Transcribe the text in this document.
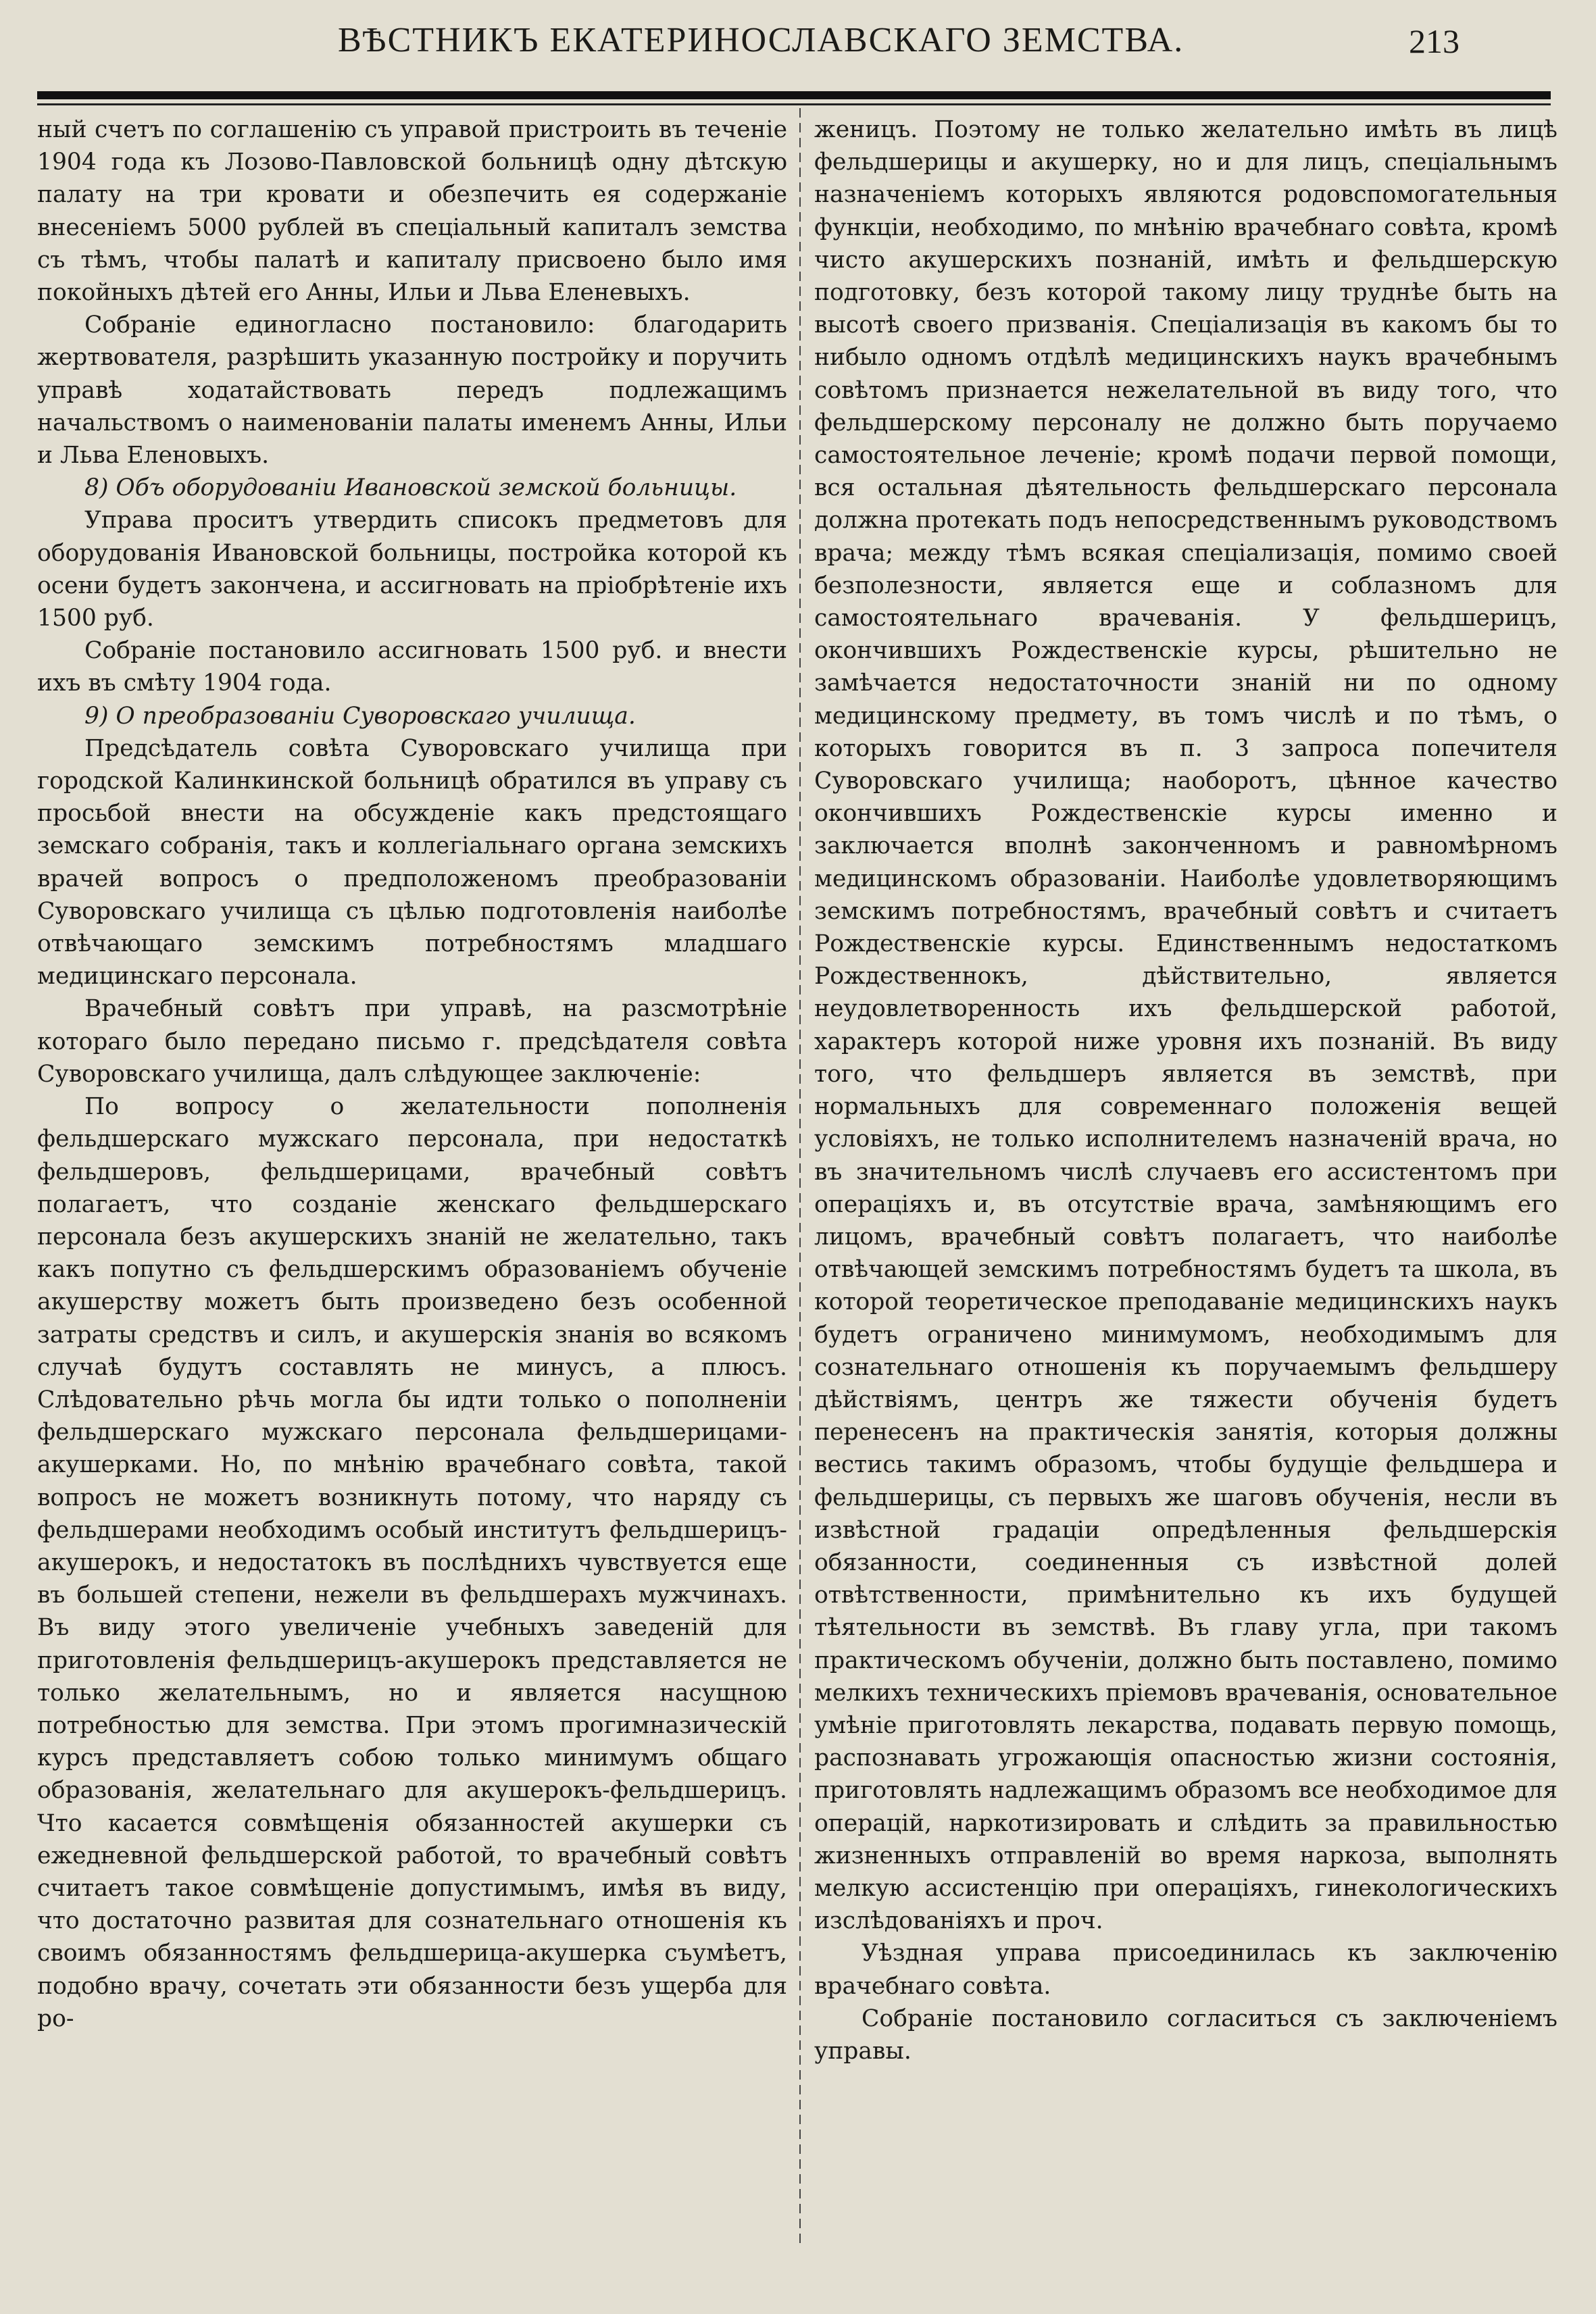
ВѢСТНИКЪ ЕКАТЕРИНОСЛАВСКАГО ЗЕМСТВА.	213

ный счетъ по соглашенію съ управой пристроить въ теченіе 1904 года къ Лозово-Павловской больницѣ одну дѣтскую палату на три кровати и обезпечить ея содержаніе внесеніемъ 5000 рублей въ спеціальный капиталъ земства съ тѣмъ, чтобы палатѣ и капиталу присвоено было имя покойныхъ дѣтей его Анны, Ильи и Льва Еленевыхъ.

Собраніе единогласно постановило: благодарить жертвователя, разрѣшить указанную постройку и поручить управѣ ходатайствовать передъ подлежащимъ начальствомъ о наименованіи палаты именемъ Анны, Ильи и Льва Еленовыхъ.

8) Объ оборудованіи Ивановской земской больницы.

Управа проситъ утвердить списокъ предметовъ для оборудованія Ивановской больницы, постройка которой къ осени будетъ закончена, и ассигновать на пріобрѣтеніе ихъ 1500 руб.

Собраніе постановило ассигновать 1500 руб. и внести ихъ въ смѣту 1904 года.

9) О преобразованіи Суворовскаго училища.

Предсѣдатель совѣта Суворовскаго училища при городской Калинкинской больницѣ обратился въ управу съ просьбой внести на обсужденіе какъ предстоящаго земскаго собранія, такъ и коллегіальнаго органа земскихъ врачей вопросъ о предположеномъ преобразованіи Суворовскаго училища съ цѣлью подготовленія наиболѣе отвѣчающаго земскимъ потребностямъ младшаго медицинскаго персонала.

Врачебный совѣтъ при управѣ, на разсмотрѣніе котораго было передано письмо г. предсѣдателя совѣта Суворовскаго училища, далъ слѣдующее заключеніе:

По вопросу о желательности пополненія фельдшерскаго мужскаго персонала, при недостаткѣ фельдшеровъ, фельдшерицами, врачебный совѣтъ полагаетъ, что созданіе женскаго фельдшерскаго персонала безъ акушерскихъ знаній не желательно, такъ какъ попутно съ фельдшерскимъ образованіемъ обученіе акушерству можетъ быть произведено безъ особенной затраты средствъ и силъ, и акушерскія знанія во всякомъ случаѣ будутъ составлять не минусъ, а плюсъ. Слѣдовательно рѣчь могла бы идти только о пополненіи фельдшерскаго мужскаго персонала фельдшерицами-акушерками. Но, по мнѣнію врачебнаго совѣта, такой вопросъ не можетъ возникнуть потому, что наряду съ фельдшерами необходимъ особый институтъ фельдшерицъ-акушерокъ, и недостатокъ въ послѣднихъ чувствуется еще въ большей степени, нежели въ фельдшерахъ мужчинахъ. Въ виду этого увеличеніе учебныхъ заведеній для приготовленія фельдшерицъ-акушерокъ представляется не только желательнымъ, но и является насущною потребностью для земства. При этомъ прогимназическій курсъ представляетъ собою только минимумъ общаго образованія, желательнаго для акушерокъ-фельдшерицъ. Что касается совмѣщенія обязанностей акушерки съ ежедневной фельдшерской работой, то врачебный совѣтъ считаетъ такое совмѣщеніе допустимымъ, имѣя въ виду, что достаточно развитая для сознательнаго отношенія къ своимъ обязанностямъ фельдшерица-акушерка съумѣетъ, подобно врачу, сочетать эти обязанности безъ ущерба для ро-

женицъ. Поэтому не только желательно имѣть въ лицѣ фельдшерицы и акушерку, но и для лицъ, спеціальнымъ назначеніемъ которыхъ являются родовспомогательныя функціи, необходимо, по мнѣнію врачебнаго совѣта, кромѣ чисто акушерскихъ познаній, имѣть и фельдшерскую подготовку, безъ которой такому лицу труднѣе быть на высотѣ своего призванія. Спеціализація въ какомъ бы то нибыло одномъ отдѣлѣ медицинскихъ наукъ врачебнымъ совѣтомъ признается нежелательной въ виду того, что фельдшерскому персоналу не должно быть поручаемо самостоятельное леченіе; кромѣ подачи первой помощи, вся остальная дѣятельность фельдшерскаго персонала должна протекать подъ непосредственнымъ руководствомъ врача; между тѣмъ всякая спеціализація, помимо своей безполезности, является еще и соблазномъ для самостоятельнаго врачеванія. У фельдшерицъ, окончившихъ Рождественскіе курсы, рѣшительно не замѣчается недостаточности знаній ни по одному медицинскому предмету, въ томъ числѣ и по тѣмъ, о которыхъ говорится въ п. 3 запроса попечителя Суворовскаго училища; наоборотъ, цѣнное качество окончившихъ Рождественскіе курсы именно и заключается вполнѣ законченномъ и равномѣрномъ медицинскомъ образованіи. Наиболѣе удовлетворяющимъ земскимъ потребностямъ, врачебный совѣтъ и считаетъ Рождественскіе курсы. Единственнымъ недостаткомъ Рождественнокъ, дѣйствительно, является неудовлетворенность ихъ фельдшерской работой, характеръ которой ниже уровня ихъ познаній. Въ виду того, что фельдшеръ является въ земствѣ, при нормальныхъ для современнаго положенія вещей условіяхъ, не только исполнителемъ назначеній врача, но въ значительномъ числѣ случаевъ его ассистентомъ при операціяхъ и, въ отсутствіе врача, замѣняющимъ его лицомъ, врачебный совѣтъ полагаетъ, что наиболѣе отвѣчающей земскимъ потребностямъ будетъ та школа, въ которой теоретическое преподаваніе медицинскихъ наукъ будетъ ограничено минимумомъ, необходимымъ для сознательнаго отношенія къ поручаемымъ фельдшеру дѣйствіямъ, центръ же тяжести обученія будетъ перенесенъ на практическія занятія, которыя должны вестись такимъ образомъ, чтобы будущіе фельдшера и фельдшерицы, съ первыхъ же шаговъ обученія, несли въ извѣстной градаціи опредѣленныя фельдшерскія обязанности, соединенныя съ извѣстной долей отвѣтственности, примѣнительно къ ихъ будущей тѣятельности въ земствѣ. Въ главу угла, при такомъ практическомъ обученіи, должно быть поставлено, помимо мелкихъ техническихъ пріемовъ врачеванія, основательное умѣніе приготовлять лекарства, подавать первую помощь, распознавать угрожающія опасностью жизни состоянія, приготовлять надлежащимъ образомъ все необходимое для операцій, наркотизировать и слѣдить за правильностью жизненныхъ отправленій во время наркоза, выполнять мелкую ассистенцію при операціяхъ, гинекологическихъ изслѣдованіяхъ и проч.

Уѣздная управа присоединилась къ заключенію врачебнаго совѣта.

Собраніе постановило согласиться съ заключеніемъ управы.
